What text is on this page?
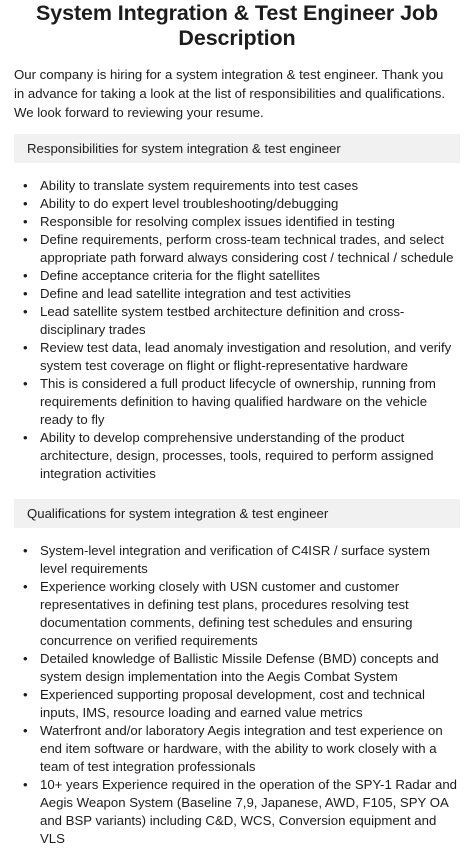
System Integration & Test Engineer Job Description

Our company is hiring for a system integration & test engineer. Thank you in advance for taking a look at the list of responsibilities and qualifications. We look forward to reviewing your resume.

Responsibilities for system integration & test engineer
• Ability to translate system requirements into test cases
• Ability to do expert level troubleshooting/debugging
• Responsible for resolving complex issues identified in testing
• Define requirements, perform cross-team technical trades, and select appropriate path forward always considering cost / technical / schedule
• Define acceptance criteria for the flight satellites
• Define and lead satellite integration and test activities
• Lead satellite system testbed architecture definition and cross-disciplinary trades
• Review test data, lead anomaly investigation and resolution, and verify system test coverage on flight or flight-representative hardware
• This is considered a full product lifecycle of ownership, running from requirements definition to having qualified hardware on the vehicle ready to fly
• Ability to develop comprehensive understanding of the product architecture, design, processes, tools, required to perform assigned integration activities
Qualifications for system integration & test engineer
• System-level integration and verification of C4ISR / surface system level requirements
• Experience working closely with USN customer and customer representatives in defining test plans, procedures resolving test documentation comments, defining test schedules and ensuring concurrence on verified requirements
• Detailed knowledge of Ballistic Missile Defense (BMD) concepts and system design implementation into the Aegis Combat System
• Experienced supporting proposal development, cost and technical inputs, IMS, resource loading and earned value metrics
• Waterfront and/or laboratory Aegis integration and test experience on end item software or hardware, with the ability to work closely with a team of test integration professionals
• 10+ years Experience required in the operation of the SPY-1 Radar and Aegis Weapon System (Baseline 7,9, Japanese, AWD, F105, SPY OA and BSP variants) including C&D, WCS, Conversion equipment and VLS
